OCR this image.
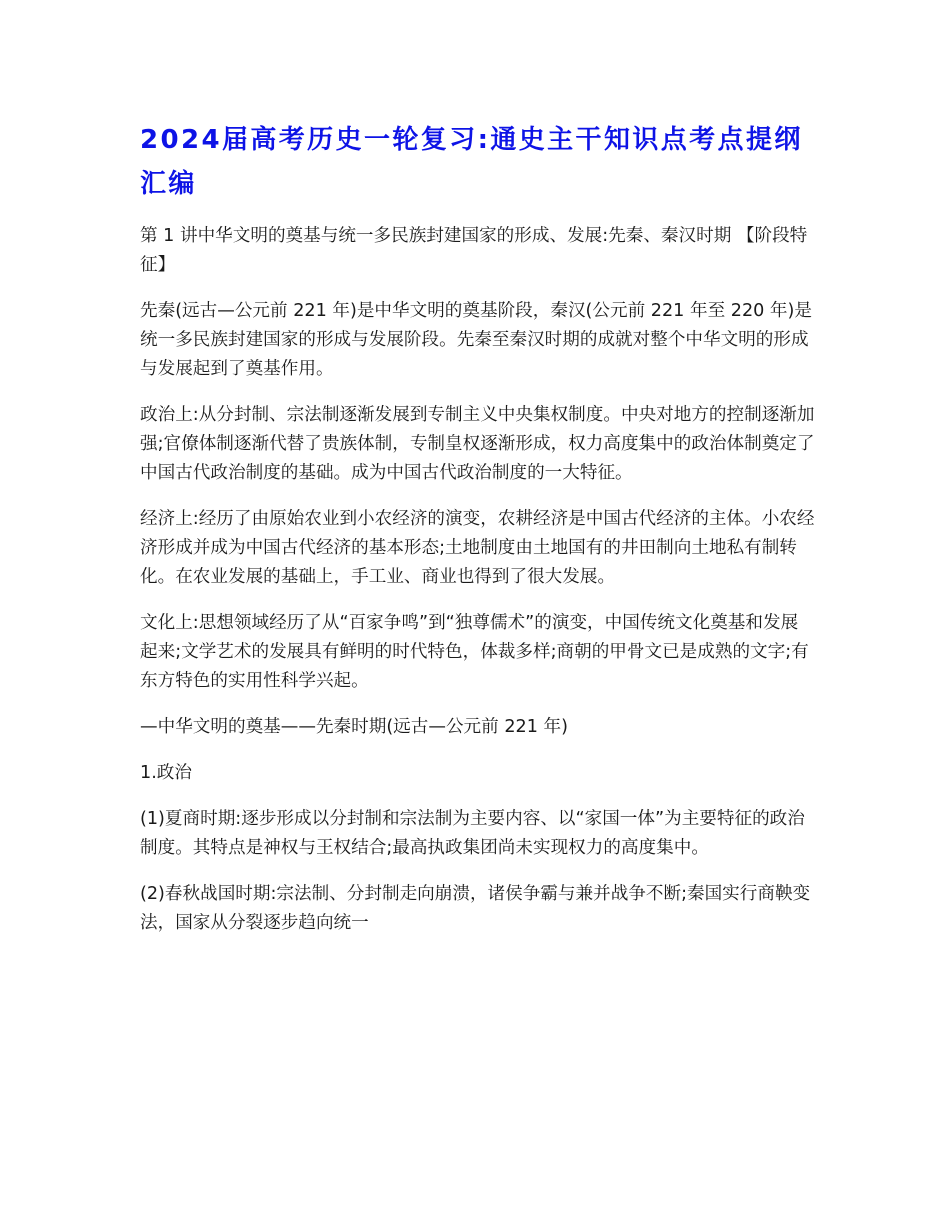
2024届高考历史一轮复习:通史主干知识点考点提纲汇编

第 1 讲中华文明的奠基与统一多民族封建国家的形成、发展:先秦、秦汉时期 【阶段特征】

先秦(远古—公元前 221 年)是中华文明的奠基阶段，秦汉(公元前 221 年至 220 年)是统一多民族封建国家的形成与发展阶段。先秦至秦汉时期的成就对整个中华文明的形成与发展起到了奠基作用。

政治上:从分封制、宗法制逐渐发展到专制主义中央集权制度。中央对地方的控制逐渐加强;官僚体制逐渐代替了贵族体制，专制皇权逐渐形成，权力高度集中的政治体制奠定了中国古代政治制度的基础。成为中国古代政治制度的一大特征。

经济上:经历了由原始农业到小农经济的演变，农耕经济是中国古代经济的主体。小农经济形成并成为中国古代经济的基本形态;土地制度由土地国有的井田制向土地私有制转化。在农业发展的基础上，手工业、商业也得到了很大发展。

文化上:思想领域经历了从“百家争鸣”到“独尊儒术”的演变，中国传统文化奠基和发展起来;文学艺术的发展具有鲜明的时代特色，体裁多样;商朝的甲骨文已是成熟的文字;有东方特色的实用性科学兴起。

—中华文明的奠基——先秦时期(远古—公元前 221 年)

1.政治

(1)夏商时期:逐步形成以分封制和宗法制为主要内容、以“家国一体”为主要特征的政治制度。其特点是神权与王权结合;最高执政集团尚未实现权力的高度集中。

(2)春秋战国时期:宗法制、分封制走向崩溃，诸侯争霸与兼并战争不断;秦国实行商鞅变法，国家从分裂逐步趋向统一
